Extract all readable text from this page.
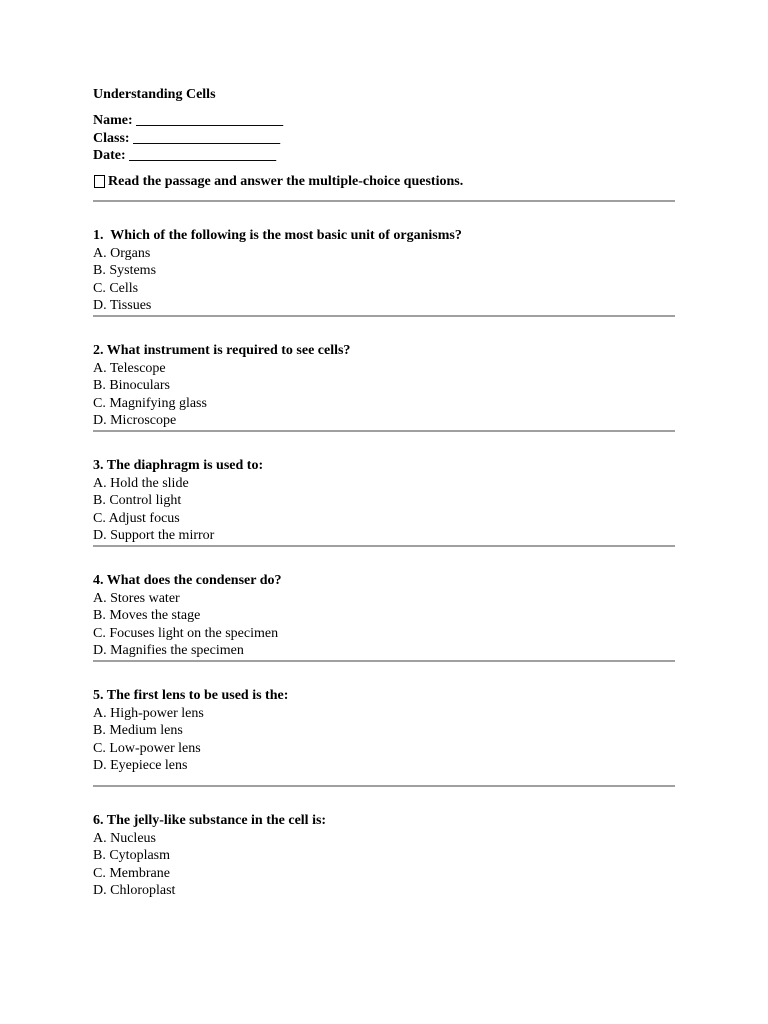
Understanding Cells
Name: _____________________
Class: _____________________
Date: _____________________
Read the passage and answer the multiple-choice questions.
1.  Which of the following is the most basic unit of organisms?
A. Organs
B. Systems
C. Cells
D. Tissues
2. What instrument is required to see cells?
A. Telescope
B. Binoculars
C. Magnifying glass
D. Microscope
3. The diaphragm is used to:
A. Hold the slide
B. Control light
C. Adjust focus
D. Support the mirror
4. What does the condenser do?
A. Stores water
B. Moves the stage
C. Focuses light on the specimen
D. Magnifies the specimen
5. The first lens to be used is the:
A. High-power lens
B. Medium lens
C. Low-power lens
D. Eyepiece lens
6. The jelly-like substance in the cell is:
A. Nucleus
B. Cytoplasm
C. Membrane
D. Chloroplast
